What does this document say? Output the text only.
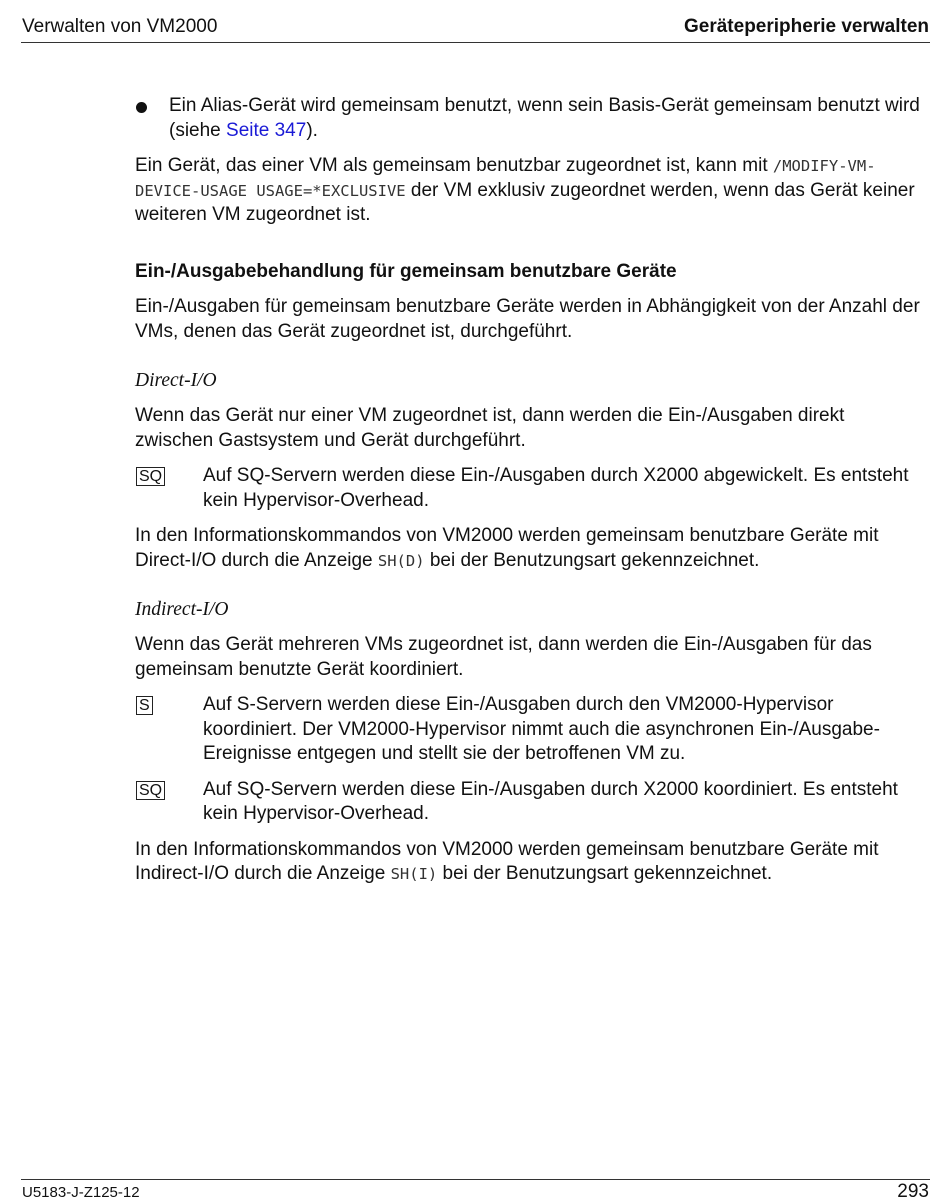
Verwalten von VM2000	Geräteperipherie verwalten
Ein Alias-Gerät wird gemeinsam benutzt, wenn sein Basis-Gerät gemeinsam benutzt wird (siehe Seite 347).

Ein Gerät, das einer VM als gemeinsam benutzbar zugeordnet ist, kann mit /MODIFY-VM-DEVICE-USAGE USAGE=*EXCLUSIVE der VM exklusiv zugeordnet werden, wenn das Gerät keiner weiteren VM zugeordnet ist.

Ein-/Ausgabebehandlung für gemeinsam benutzbare Geräte

Ein-/Ausgaben für gemeinsam benutzbare Geräte werden in Abhängigkeit von der Anzahl der VMs, denen das Gerät zugeordnet ist, durchgeführt.

Direct-I/O

Wenn das Gerät nur einer VM zugeordnet ist, dann werden die Ein-/Ausgaben direkt zwischen Gastsystem und Gerät durchgeführt.

SQ Auf SQ-Servern werden diese Ein-/Ausgaben durch X2000 abgewickelt. Es entsteht kein Hypervisor-Overhead.

In den Informationskommandos von VM2000 werden gemeinsam benutzbare Geräte mit Direct-I/O durch die Anzeige SH(D) bei der Benutzungsart gekennzeichnet.

Indirect-I/O

Wenn das Gerät mehreren VMs zugeordnet ist, dann werden die Ein-/Ausgaben für das gemeinsam benutzte Gerät koordiniert.

S	Auf S-Servern werden diese Ein-/Ausgaben durch den VM2000-Hypervisor koordiniert. Der VM2000-Hypervisor nimmt auch die asynchronen Ein-/Ausgabe-Ereignisse entgegen und stellt sie der betroffenen VM zu.
SQ Auf SQ-Servern werden diese Ein-/Ausgaben durch X2000 koordiniert. Es entsteht kein Hypervisor-Overhead.

In den Informationskommandos von VM2000 werden gemeinsam benutzbare Geräte mit Indirect-I/O durch die Anzeige SH(I) bei der Benutzungsart gekennzeichnet.

U5183-J-Z125-12	293
